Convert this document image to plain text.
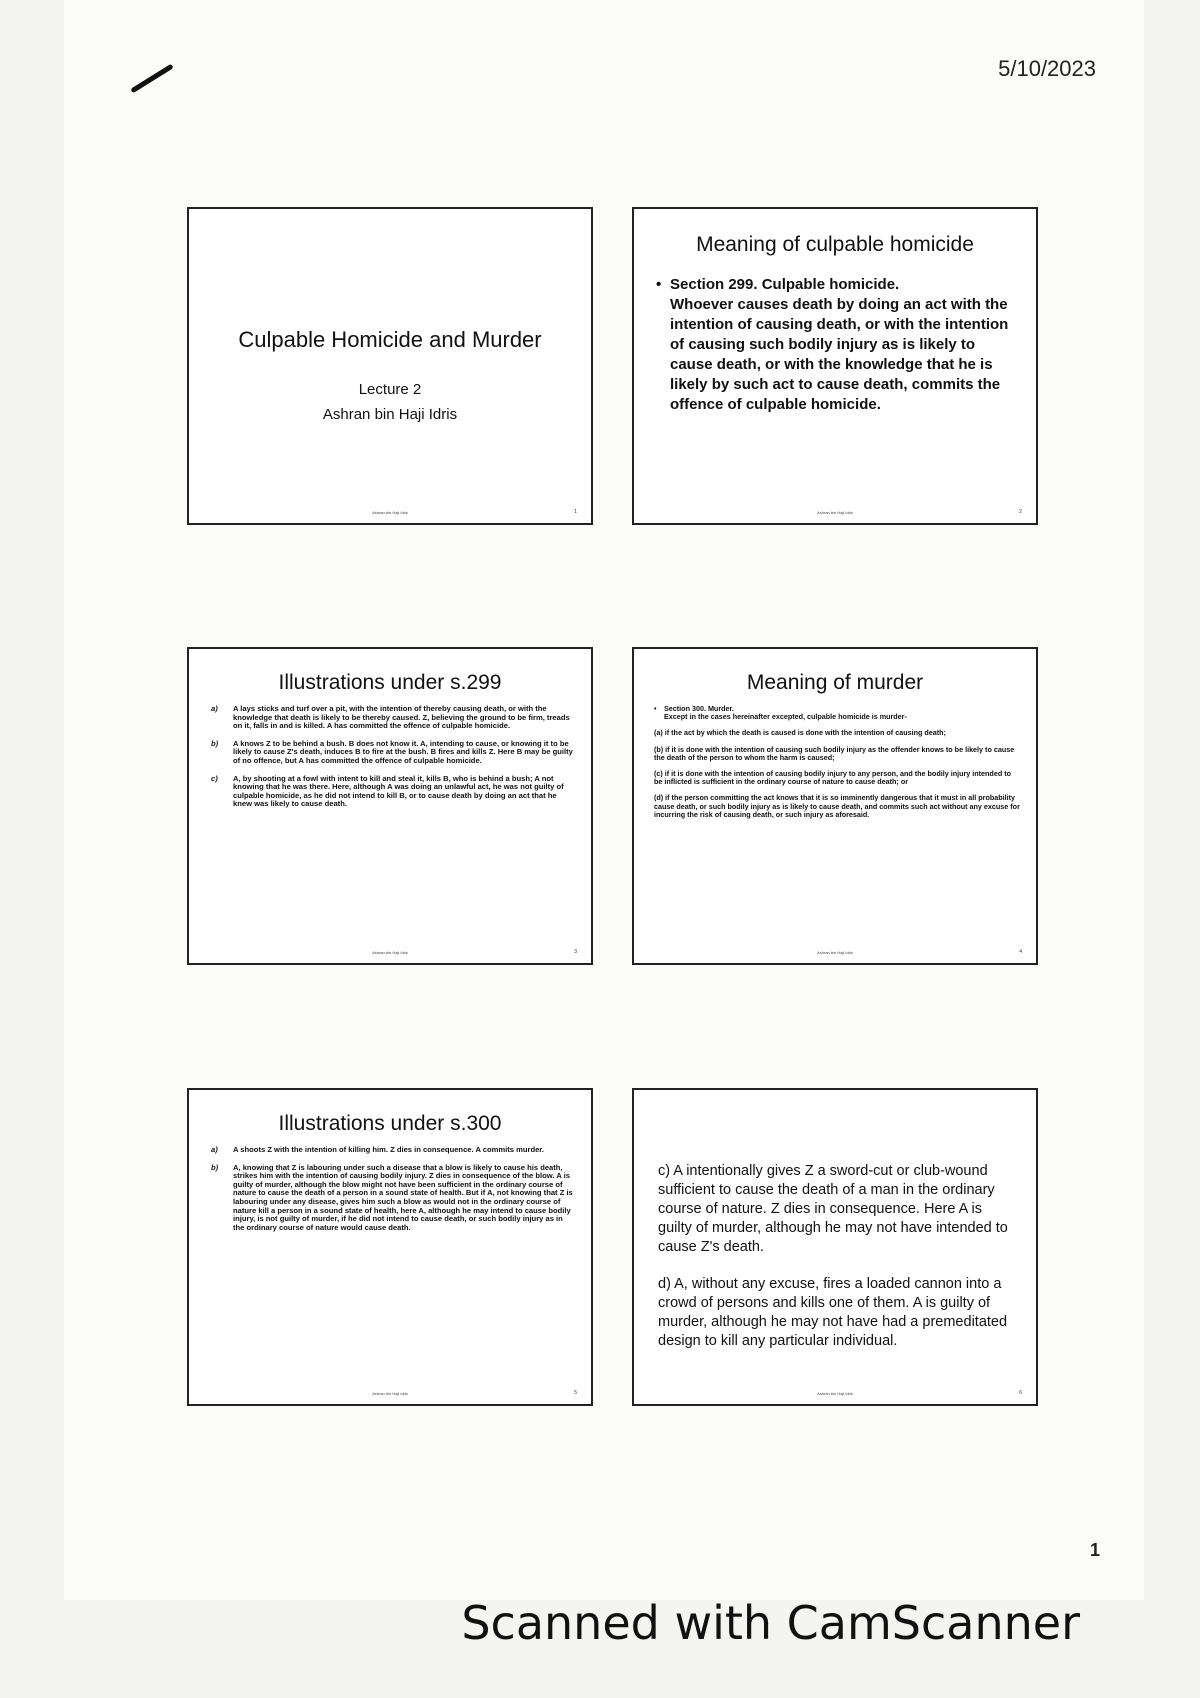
5/10/2023
Culpable Homicide and Murder
Lecture 2
Ashran bin Haji Idris
Ashran bin Haji Idris	1
Meaning of culpable homicide
• Section 299. Culpable homicide.
Whoever causes death by doing an act with the intention of causing death, or with the intention of causing such bodily injury as is likely to cause death, or with the knowledge that he is likely by such act to cause death, commits the offence of culpable homicide.
Ashran bin Haji Idris	2
Illustrations under s.299
a)	A lays sticks and turf over a pit, with the intention of thereby causing death, or with the knowledge that death is likely to be thereby caused. Z, believing the ground to be firm, treads on it, falls in and is killed. A has committed the offence of culpable homicide.
b)	A knows Z to be behind a bush. B does not know it. A, intending to cause, or knowing it to be likely to cause Z's death, induces B to fire at the bush. B fires and kills Z. Here B may be guilty of no offence, but A has committed the offence of culpable homicide.
c)	A, by shooting at a fowl with intent to kill and steal it, kills B, who is behind a bush; A not knowing that he was there. Here, although A was doing an unlawful act, he was not guilty of culpable homicide, as he did not intend to kill B, or to cause death by doing an act that he knew was likely to cause death.
Ashran bin Haji Idris	3
Meaning of murder
•	Section 300. Murder.

Except in the cases hereinafter excepted, culpable homicide is murder-

(a) if the act by which the death is caused is done with the intention of causing death;

(b) if it is done with the intention of causing such bodily injury as the offender knows to be likely to cause the death of the person to whom the harm is caused;

(c) if it is done with the intention of causing bodily injury to any person, and the bodily injury intended to be inflicted is sufficient in the ordinary course of nature to cause death; or

(d) if the person committing the act knows that it is so imminently dangerous that it must in all probability cause death, or such bodily injury as is likely to cause death, and commits such act without any excuse for incurring the risk of causing death, or such injury as aforesaid.

Ashran bin Haji Idris	4
Illustrations under s.300
a)	A shoots Z with the intention of killing him. Z dies in consequence. A commits murder.
b)	A, knowing that Z is labouring under such a disease that a blow is likely to cause his death, strikes him with the intention of causing bodily injury. Z dies in consequence of the blow. A is guilty of murder, although the blow might not have been sufficient in the ordinary course of nature to cause the death of a person in a sound state of health. But if A, not knowing that Z is labouring under any disease, gives him such a blow as would not in the ordinary course of nature kill a person in a sound state of health, here A, although he may intend to cause bodily injury, is not guilty of murder, if he did not intend to cause death, or such bodily injury as in the ordinary course of nature would cause death.
Ashran bin Haji Idris	5

c) A intentionally gives Z a sword-cut or club-wound sufficient to cause the death of a man in the ordinary course of nature. Z dies in consequence. Here A is guilty of murder, although he may not have intended to cause Z's death.

d) A, without any excuse, fires a loaded cannon into a crowd of persons and kills one of them. A is guilty of murder, although he may not have had a premeditated design to kill any particular individual.

Ashran bin Haji Idris	6
1
Scanned with CamScanner
